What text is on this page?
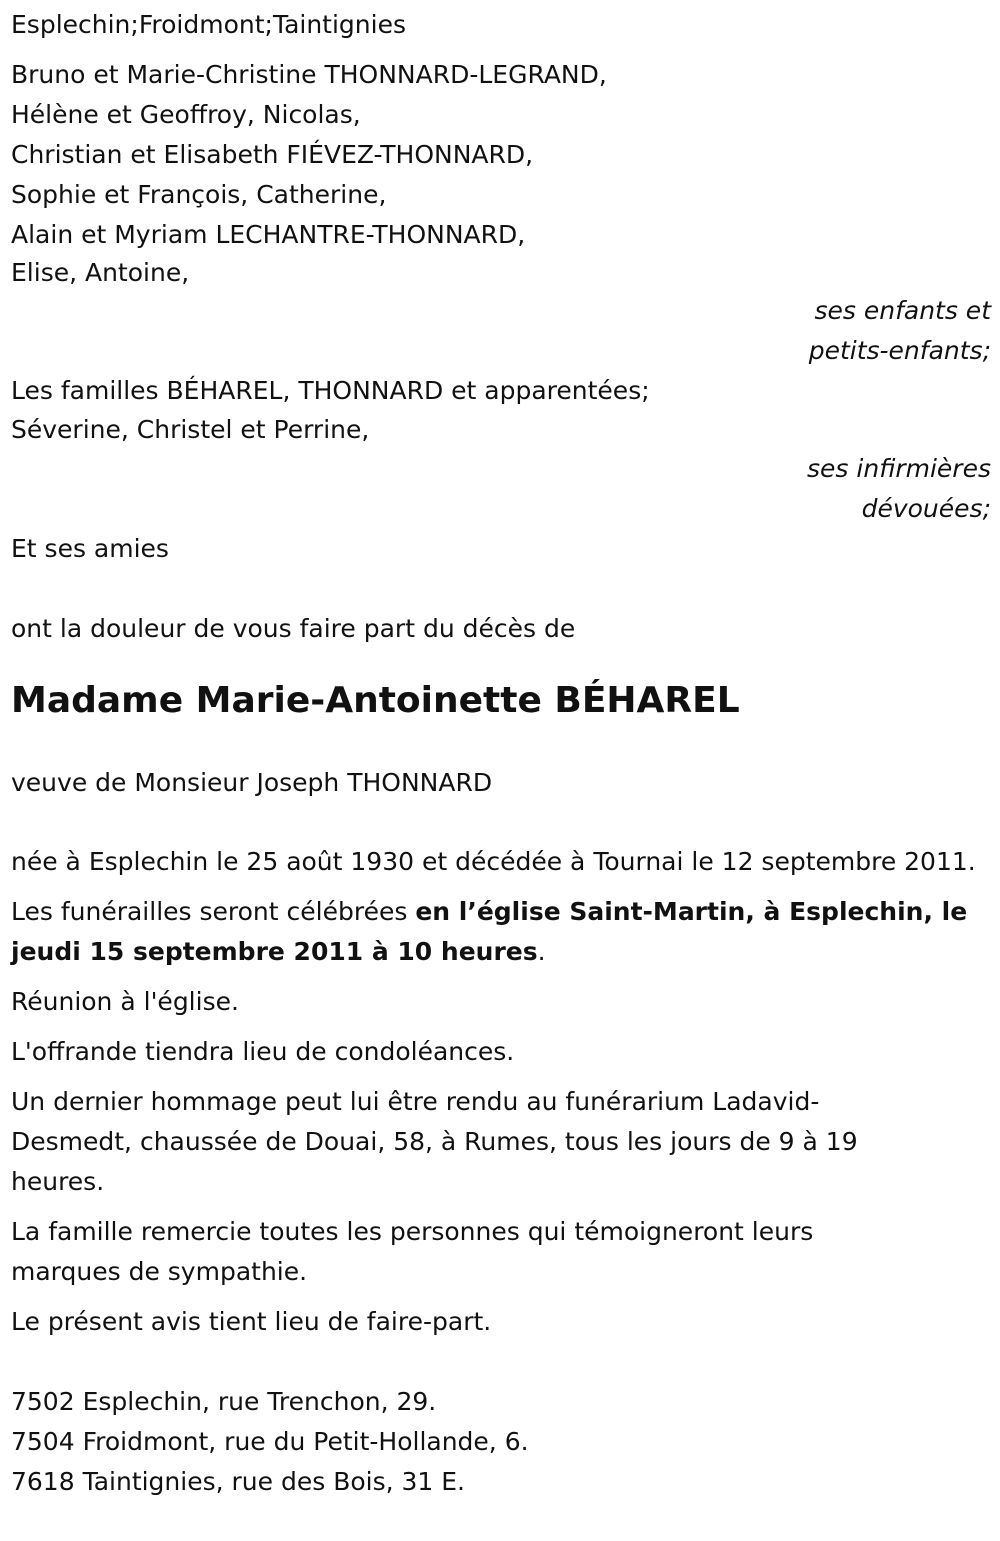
Esplechin;Froidmont;Taintignies
Bruno et Marie-Christine THONNARD-LEGRAND,
Hélène et Geoffroy, Nicolas,
Christian et Elisabeth FIÉVEZ-THONNARD,
Sophie et François, Catherine,
Alain et Myriam LECHANTRE-THONNARD,
Elise, Antoine,
ses enfants et
petits-enfants;
Les familles BÉHAREL, THONNARD et apparentées;
Séverine, Christel et Perrine,
ses infirmières
dévouées;
Et ses amies
ont la douleur de vous faire part du décès de
Madame Marie-Antoinette BÉHAREL
veuve de Monsieur Joseph THONNARD

née à Esplechin le 25 août 1930 et décédée à Tournai le 12 septembre 2011.

Les funérailles seront célébrées en l’église Saint-Martin, à Esplechin, le jeudi 15 septembre 2011 à 10 heures.

Réunion à l'église.

L'offrande tiendra lieu de condoléances.

Un dernier hommage peut lui être rendu au funérarium Ladavid-Desmedt, chaussée de Douai, 58, à Rumes, tous les jours de 9 à 19 heures.

La famille remercie toutes les personnes qui témoigneront leurs marques de sympathie.

Le présent avis tient lieu de faire-part.

7502 Esplechin, rue Trenchon, 29.
7504 Froidmont, rue du Petit-Hollande, 6.
7618 Taintignies, rue des Bois, 31 E.
